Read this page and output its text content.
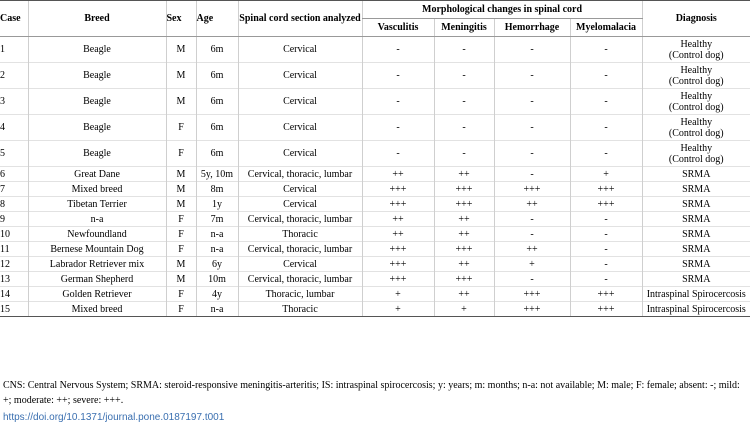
Case	Breed	Sex	Age	Spinal cord section analyzed	Morphological changes in spinal cord				Diagnosis
					Vasculitis	Meningitis	Hemorrhage	Myelomalacia	
1	Beagle	M	6m	Cervical	-	-	-	-	Healthy
(Control dog)

2	Beagle	M	6m	Cervical	-	-	-	-	Healthy
(Control dog)

3	Beagle	M	6m	Cervical	-	-	-	-	Healthy
(Control dog)

4	Beagle	F	6m	Cervical	-	-	-	-	Healthy
(Control dog)

5	Beagle	F	6m	Cervical	-	-	-	-	Healthy
(Control dog)

6	Great Dane	M	5y, 10m	Cervical, thoracic, lumbar	++	++	-	+	SRMA

7	Mixed breed	M	8m	Cervical	+++	+++	+++	+++	SRMA

8	Tibetan Terrier	M	1y	Cervical	+++	+++	++	+++	SRMA

9	n-a	F	7m	Cervical, thoracic, lumbar	++	++	-	-	SRMA

10	Newfoundland	F	n-a	Thoracic	++	++	-	-	SRMA

11	Bernese Mountain Dog	F	n-a	Cervical, thoracic, lumbar	+++	+++	++	-	SRMA

12	Labrador Retriever mix	M	6y	Cervical	+++	++	+	-	SRMA

13	German Shepherd	M	10m	Cervical, thoracic, lumbar	+++	+++	-	-	SRMA

14	Golden Retriever	F	4y	Thoracic, lumbar	+	++	+++	+++	Intraspinal Spirocercosis

15	Mixed breed	F	n-a	Thoracic	+	+	+++	+++	Intraspinal Spirocercosis
CNS: Central Nervous System; SRMA: steroid-responsive meningitis-arteritis; IS: intraspinal spirocercosis; y: years; m: months; n-a: not available; M: male; F: female; absent: -; mild: +; moderate: ++; severe: +++.
https://doi.org/10.1371/journal.pone.0187197.t001
